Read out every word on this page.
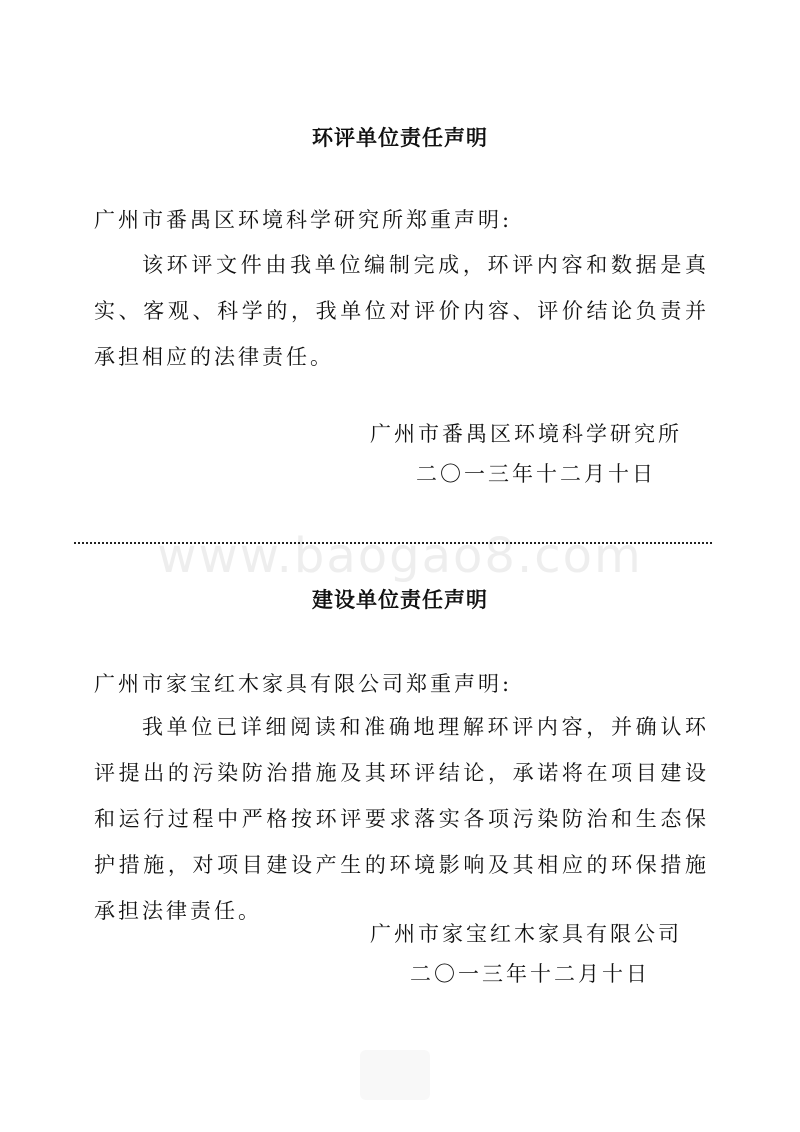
环评单位责任声明
广州市番禺区环境科学研究所郑重声明:

该环评文件由我单位编制完成，环评内容和数据是真实、客观、科学的，我单位对评价内容、评价结论负责并承担相应的法律责任。

广州市番禺区环境科学研究所
二〇一三年十二月十日
www.baogao8.com
建设单位责任声明
广州市家宝红木家具有限公司郑重声明:

我单位已详细阅读和准确地理解环评内容，并确认环评提出的污染防治措施及其环评结论，承诺将在项目建设和运行过程中严格按环评要求落实各项污染防治和生态保护措施，对项目建设产生的环境影响及其相应的环保措施承担法律责任。

广州市家宝红木家具有限公司
二〇一三年十二月十日
